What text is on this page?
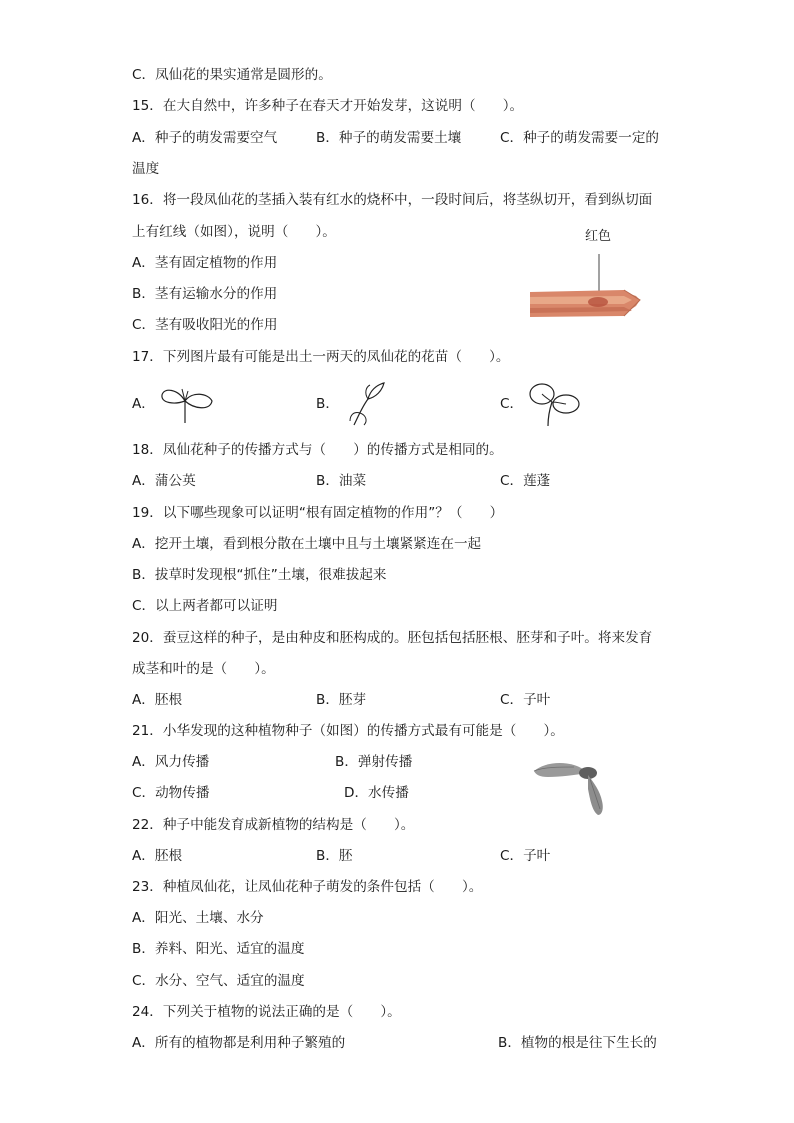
C．凤仙花的果实通常是圆形的。
15．在大自然中，许多种子在春天才开始发芽，这说明（　　）。
A．种子的萌发需要空气	B．种子的萌发需要土壤	C．种子的萌发需要一定的
温度
16．将一段凤仙花的茎插入装有红水的烧杯中，一段时间后，将茎纵切开，看到纵切面
上有红线（如图），说明（　　）。
A．茎有固定植物的作用
B．茎有运输水分的作用
C．茎有吸收阳光的作用
红色
17．下列图片最有可能是出土一两天的凤仙花的花苗（　　）。
A．	B．	C．
18．凤仙花种子的传播方式与（　　）的传播方式是相同的。
A．蒲公英	B．油菜	C．莲蓬
19．以下哪些现象可以证明“根有固定植物的作用”？（　　）
A．挖开土壤，看到根分散在土壤中且与土壤紧紧连在一起
B．拔草时发现根“抓住”土壤，很难拔起来
C．以上两者都可以证明
20．蚕豆这样的种子，是由种皮和胚构成的。胚包括包括胚根、胚芽和子叶。将来发育
成茎和叶的是（　　）。
A．胚根	B．胚芽	C．子叶
21．小华发现的这种植物种子（如图）的传播方式最有可能是（　　）。
A．风力传播	B．弹射传播
C．动物传播	D．水传播
22．种子中能发育成新植物的结构是（　　）。
A．胚根	B．胚	C．子叶
23．种植凤仙花，让凤仙花种子萌发的条件包括（　　）。
A．阳光、土壤、水分
B．养料、阳光、适宜的温度
C．水分、空气、适宜的温度
24．下列关于植物的说法正确的是（　　）。
A．所有的植物都是利用种子繁殖的	B．植物的根是往下生长的
